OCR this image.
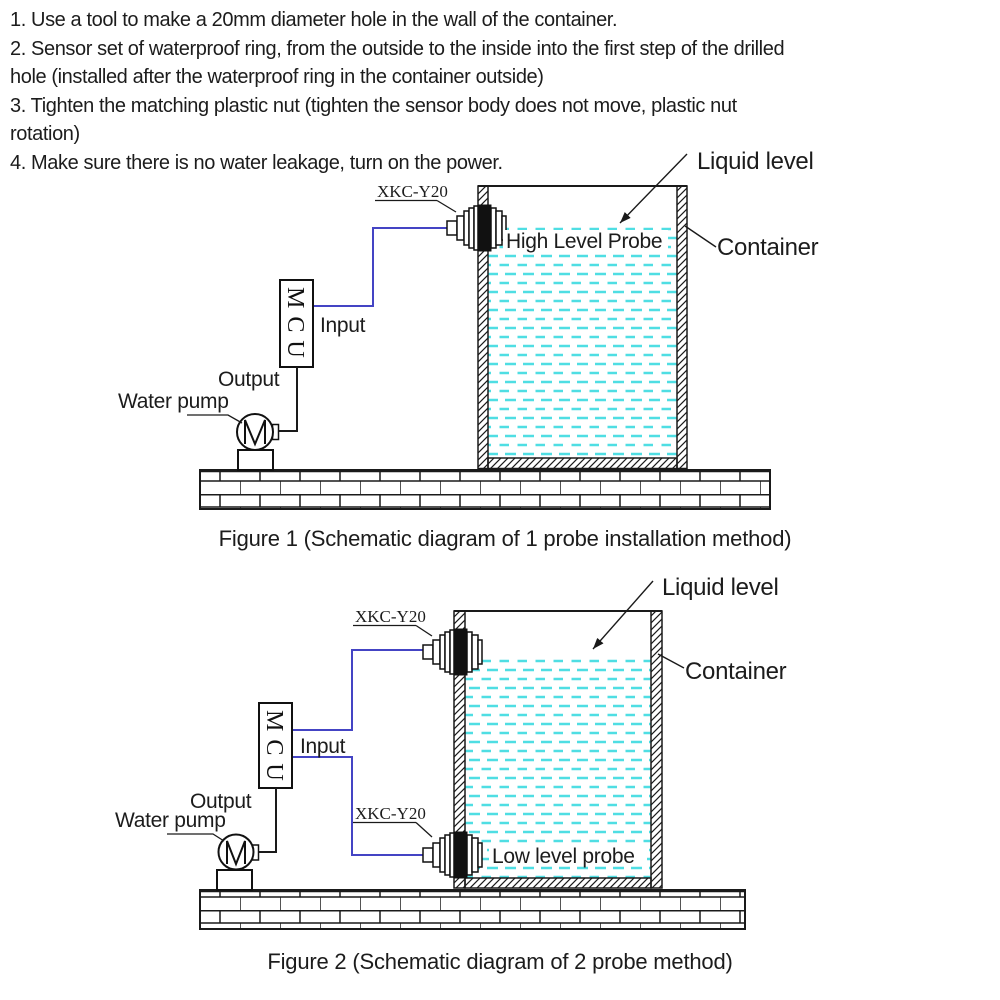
1. Use a tool to make a 20mm diameter hole in the wall of the container.
2. Sensor set of waterproof ring, from the outside to the inside into the first step of the drilled
hole (installed after the waterproof ring in the container outside)
3. Tighten the matching plastic nut (tighten the sensor body does not move, plastic nut
rotation)
4. Make sure there is no water leakage, turn on the power.
High Level Probe
MCU Input
Output
Water pump
XKC-Y20
Liquid level
Container
Figure 1 (Schematic diagram of 1 probe installation method)
Low level probe
MCU Input
Output
Water pump
XKC-Y20
XKC-Y20
Liquid level
Container
Figure 2 (Schematic diagram of 2 probe method)
